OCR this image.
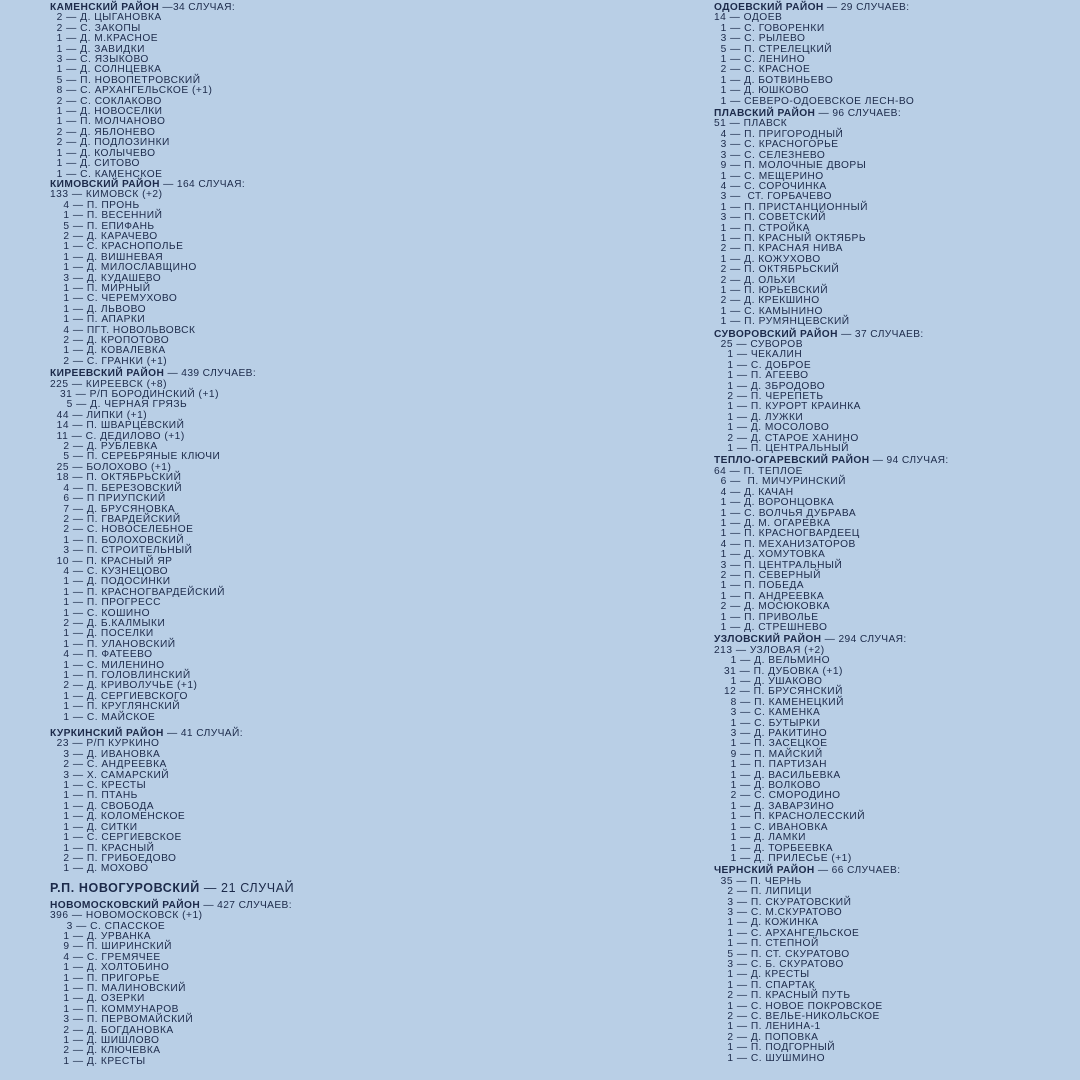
КАМЕНСКИЙ РАЙОН —34 СЛУЧАЯ:
2 — Д. ЦЫГАНОВКА
2 — С. ЗАКОПЫ
1 — Д. М.КРАСНОЕ
1 — Д. ЗАВИДКИ
3 — С. ЯЗЫКОВО
1 — Д. СОЛНЦЕВКА
5 — П. НОВОПЕТРОВСКИЙ
8 — С. АРХАНГЕЛЬСКОЕ (+1)
2 — С. СОКЛАКОВО
1 — Д. НОВОСЕЛКИ
1 — П. МОЛЧАНОВО
2 — Д. ЯБЛОНЕВО
2 — Д. ПОДЛОЗИНКИ
1 — Д. КОЛЫЧЕВО
1 — Д. СИТОВО
1 — С. КАМЕНСКОЕ
КИМОВСКИЙ РАЙОН — 164 СЛУЧАЯ:
133 — КИМОВСК (+2)
4 — П. ПРОНЬ
1 — П. ВЕСЕННИЙ
5 — П. ЕПИФАНЬ
2 — Д. КАРАЧЕВО
1 — С. КРАСНОПОЛЬЕ
1 — Д. ВИШНЕВАЯ
1 — Д. МИЛОСЛАВЩИНО
3 — Д. КУДАШЕВО
1 — П. МИРНЫЙ
1 — С. ЧЕРЕМУХОВО
1 — Д. ЛЬВОВО
1 — П. АПАРКИ
4 — ПГТ. НОВОЛЬВОВСК
2 — Д. КРОПОТОВО
1 — Д. КОВАЛЕВКА
2 — С. ГРАНКИ (+1)
КИРЕЕВСКИЙ РАЙОН — 439 СЛУЧАЕВ:
225 — КИРЕЕВСК (+8)
31 — Р/П БОРОДИНСКИЙ (+1)
5 — Д. ЧЕРНАЯ ГРЯЗЬ
44 — ЛИПКИ (+1)
14 — П. ШВАРЦЕВСКИЙ
11 — С. ДЕДИЛОВО (+1)
2 — Д. РУБЛЕВКА
5 — П. СЕРЕБРЯНЫЕ КЛЮЧИ
25 — БОЛОХОВО (+1)
18 — П. ОКТЯБРЬСКИЙ
4 — П. БЕРЕЗОВСКИЙ
6 — П ПРИУПСКИЙ
7 — Д. БРУСЯНОВКА
2 — П. ГВАРДЕЙСКИЙ
2 — С. НОВОСЕЛЕБНОЕ
1 — П. БОЛОХОВСКИЙ
3 — П. СТРОИТЕЛЬНЫЙ
10 — П. КРАСНЫЙ ЯР
4 — С. КУЗНЕЦОВО
1 — Д. ПОДОСИНКИ
1 — П. КРАСНОГВАРДЕЙСКИЙ
1 — П. ПРОГРЕСС
1 — С. КОШИНО
2 — Д. Б.КАЛМЫКИ
1 — Д. ПОСЕЛКИ
1 — П. УЛАНОВСКИЙ
4 — П. ФАТЕЕВО
1 — С. МИЛЕНИНО
1 — П. ГОЛОВЛИНСКИЙ
2 — Д. КРИВОЛУЧЬЕ (+1)
1 — Д. СЕРГИЕВСКОГО
1 — П. КРУГЛЯНСКИЙ
1 — С. МАЙСКОЕ
КУРКИНСКИЙ РАЙОН — 41 СЛУЧАЙ:
23 — Р/П КУРКИНО
3 — Д. ИВАНОВКА
2 — С. АНДРЕЕВКА
3 — Х. САМАРСКИЙ
1 — С. КРЕСТЫ
1 — П. ПТАНЬ
1 — Д. СВОБОДА
1 — Д. КОЛОМЕНСКОЕ
1 — Д. СИТКИ
1 — С. СЕРГИЕВСКОЕ
1 — П. КРАСНЫЙ
2 — П. ГРИБОЕДОВО
1 — Д. МОХОВО
Р.П. НОВОГУРОВСКИЙ — 21 СЛУЧАЙ
НОВОМОСКОВСКИЙ РАЙОН — 427 СЛУЧАЕВ:
396 — НОВОМОСКОВСК (+1)
3 — С. СПАССКОЕ
1 — Д. УРВАНКА
9 — П. ШИРИНСКИЙ
4 — С. ГРЕМЯЧЕЕ
1 — Д. ХОЛТОБИНО
1 — П. ПРИГОРЬЕ
1 — П. МАЛИНОВСКИЙ
1 — Д. ОЗЕРКИ
1 — П. КОММУНАРОВ
3 — П. ПЕРВОМАЙСКИЙ
2 — Д. БОГДАНОВКА
1 — Д. ШИШЛОВО
2 — Д. КЛЮЧЕВКА
1 — Д. КРЕСТЫ
ОДОЕВСКИЙ РАЙОН — 29 СЛУЧАЕВ:
14 — ОДОЕВ
1 — С. ГОВОРЕНКИ
3 — С. РЫЛЕВО
5 — П. СТРЕЛЕЦКИЙ
1 — С. ЛЕНИНО
2 — С. КРАСНОЕ
1 — Д. БОТВИНЬЕВО
1 — Д. ЮШКОВО
1 — СЕВЕРО-ОДОЕВСКОЕ ЛЕСН-ВО
ПЛАВСКИЙ РАЙОН — 96 СЛУЧАЕВ:
51 — ПЛАВСК
4 — П. ПРИГОРОДНЫЙ
3 — С. КРАСНОГОРЬЕ
3 — С. СЕЛЕЗНЕВО
9 — П. МОЛОЧНЫЕ ДВОРЫ
1 — С. МЕЩЕРИНО
4 — С. СОРОЧИНКА
3 —  СТ. ГОРБАЧЕВО
1 — П. ПРИСТАНЦИОННЫЙ
3 — П. СОВЕТСКИЙ
1 — П. СТРОЙКА
1 — П. КРАСНЫЙ ОКТЯБРЬ
2 — П. КРАСНАЯ НИВА
1 — Д. КОЖУХОВО
2 — П. ОКТЯБРЬСКИЙ
2 — Д. ОЛЬХИ
1 — П. ЮРЬЕВСКИЙ
2 — Д. КРЕКШИНО
1 — С. КАМЫНИНО
1 — П. РУМЯНЦЕВСКИЙ
СУВОРОВСКИЙ РАЙОН — 37 СЛУЧАЕВ:
25 — СУВОРОВ
1 — ЧЕКАЛИН
1 — С. ДОБРОЕ
1 — П. АГЕЕВО
1 — Д. ЗБРОДОВО
2 — П. ЧЕРЕПЕТЬ
1 — П. КУРОРТ КРАИНКА
1 — Д. ЛУЖКИ
1 — Д. МОСОЛОВО
2 — Д. СТАРОЕ ХАНИНО
1 — П. ЦЕНТРАЛЬНЫЙ
ТЕПЛО-ОГАРЕВСКИЙ РАЙОН — 94 СЛУЧАЯ:
64 — П. ТЕПЛОЕ
6 —  П. МИЧУРИНСКИЙ
4 — Д. КАЧАН
1 — Д. ВОРОНЦОВКА
1 — С. ВОЛЧЬЯ ДУБРАВА
1 — Д. М. ОГАРЕВКА
1 — П. КРАСНОГВАРДЕЕЦ
4 — П. МЕХАНИЗАТОРОВ
1 — Д. ХОМУТОВКА
3 — П. ЦЕНТРАЛЬНЫЙ
2 — П. СЕВЕРНЫЙ
1 — П. ПОБЕДА
1 — П. АНДРЕЕВКА
2 — Д. МОСЮКОВКА
1 — П. ПРИВОЛЬЕ
1 — Д. СТРЕШНЕВО
УЗЛОВСКИЙ РАЙОН — 294 СЛУЧАЯ:
213 — УЗЛОВАЯ (+2)
1 — Д. ВЕЛЬМИНО
31 — П. ДУБОВКА (+1)
1 — Д. УШАКОВО
12 — П. БРУСЯНСКИЙ
8 — П. КАМЕНЕЦКИЙ
3 — С. КАМЕНКА
1 — С. БУТЫРКИ
3 — Д. РАКИТИНО
1 — П. ЗАСЕЦКОЕ
9 — П. МАЙСКИЙ
1 — П. ПАРТИЗАН
1 — Д. ВАСИЛЬЕВКА
1 — Д. ВОЛКОВО
2 — С. СМОРОДИНО
1 — Д. ЗАВАРЗИНО
1 — П. КРАСНОЛЕССКИЙ
1 — С. ИВАНОВКА
1 — Д. ЛАМКИ
1 — Д. ТОРБЕЕВКА
1 — Д. ПРИЛЕСЬЕ (+1)
ЧЕРНСКИЙ РАЙОН — 66 СЛУЧАЕВ:
35 — П. ЧЕРНЬ
2 — П. ЛИПИЦИ
3 — П. СКУРАТОВСКИЙ
3 — С. М.СКУРАТОВО
1 — Д. КОЖИНКА
1 — С. АРХАНГЕЛЬСКОЕ
1 — П. СТЕПНОЙ
5 — П. СТ. СКУРАТОВО
3 — С. Б. СКУРАТОВО
1 — Д. КРЕСТЫ
1 — П. СПАРТАК
2 — П. КРАСНЫЙ ПУТЬ
1 — С. НОВОЕ ПОКРОВСКОЕ
2 — С. ВЕЛЬЕ-НИКОЛЬСКОЕ
1 — П. ЛЕНИНА-1
2 — Д. ПОПОВКА
1 — П. ПОДГОРНЫЙ
1 — С. ШУШМИНО
